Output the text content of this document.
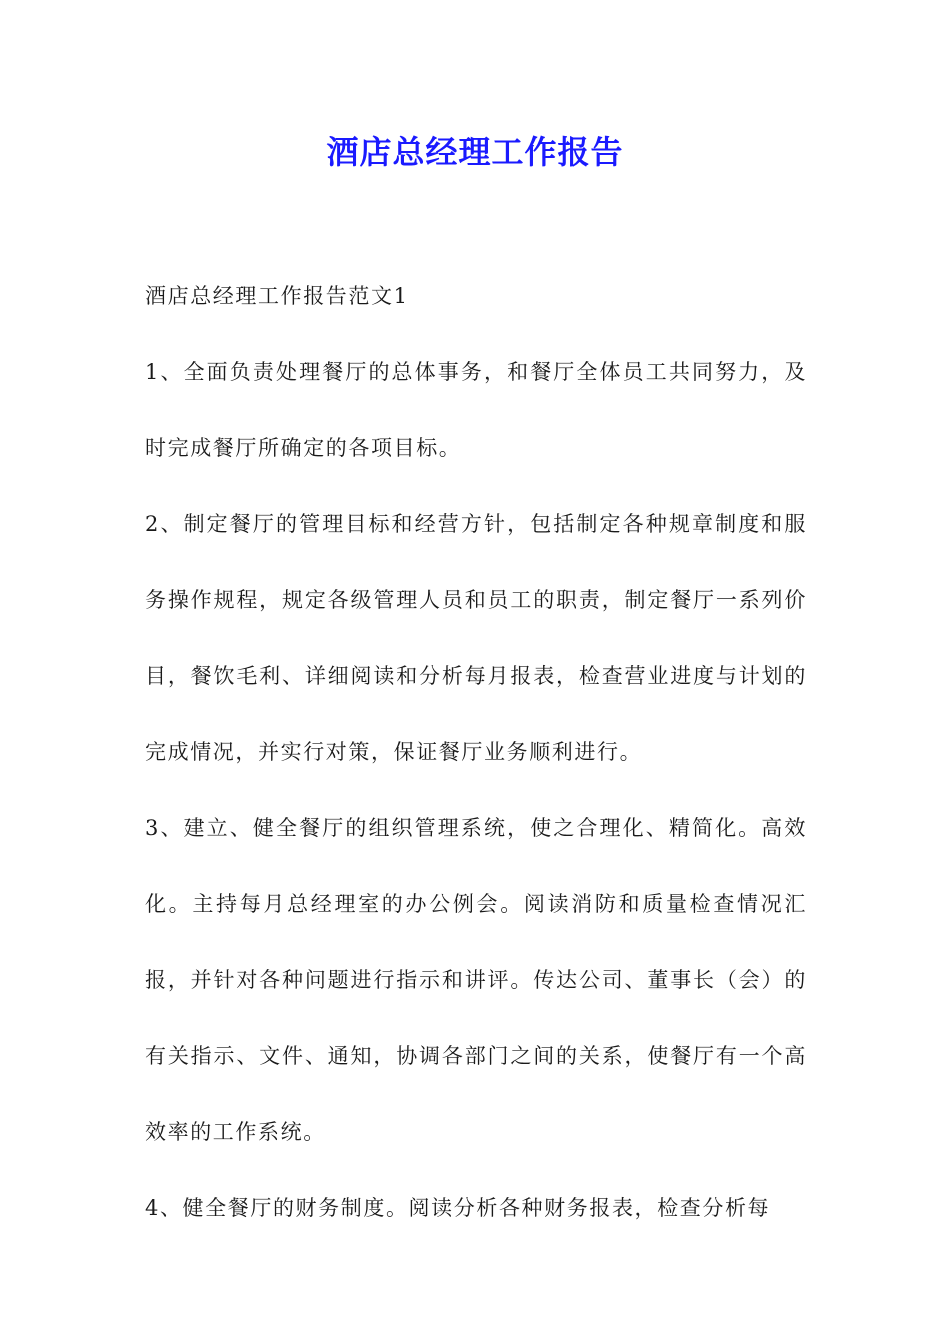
酒店总经理工作报告

酒店总经理工作报告范文1

1、全面负责处理餐厅的总体事务，和餐厅全体员工共同努力，及时完成餐厅所确定的各项目标。

2、制定餐厅的管理目标和经营方针，包括制定各种规章制度和服务操作规程，规定各级管理人员和员工的职责，制定餐厅一系列价目，餐饮毛利、详细阅读和分析每月报表，检查营业进度与计划的完成情况，并实行对策，保证餐厅业务顺利进行。

3、建立、健全餐厅的组织管理系统，使之合理化、精简化。高效化。主持每月总经理室的办公例会。阅读消防和质量检查情况汇报，并针对各种问题进行指示和讲评。传达公司、董事长（会）的有关指示、文件、通知，协调各部门之间的关系，使餐厅有一个高效率的工作系统。

4、健全餐厅的财务制度。阅读分析各种财务报表，检查分析每
